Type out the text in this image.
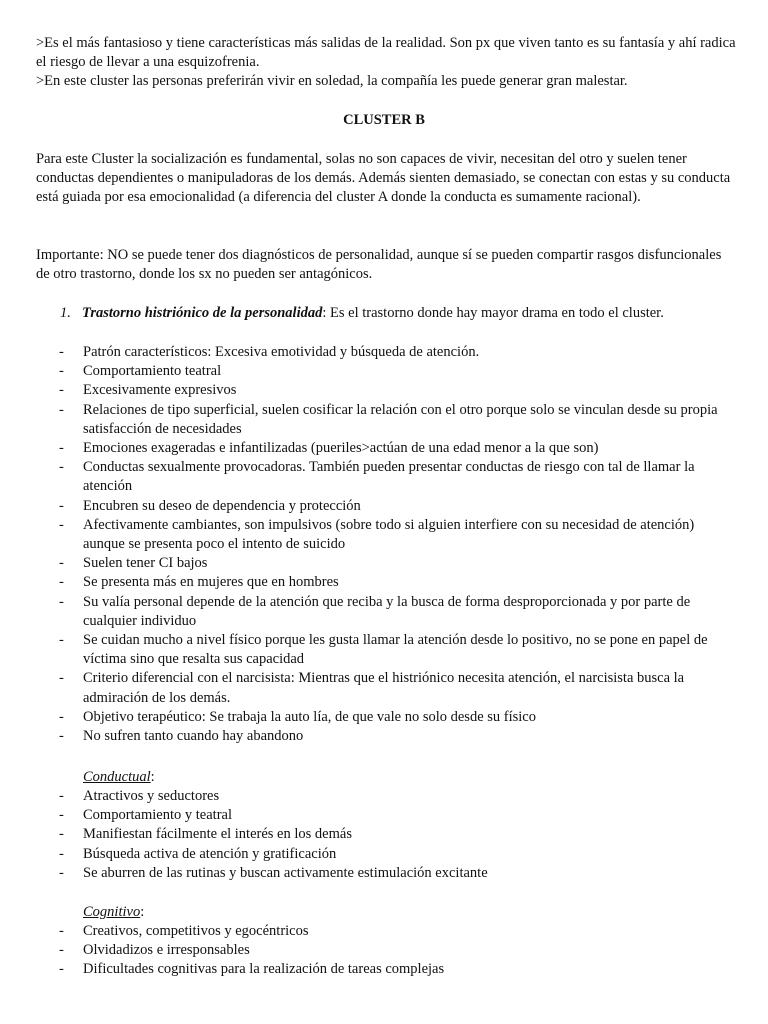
>Es el más fantasioso y tiene características más salidas de la realidad. Son px que viven tanto es su fantasía y ahí radica el riesgo de llevar a una esquizofrenia.

>En este cluster las personas preferirán vivir en soledad, la compañía les puede generar gran malestar.

CLUSTER B

Para este Cluster la socialización es fundamental, solas no son capaces de vivir, necesitan del otro y suelen tener conductas dependientes o manipuladoras de los demás. Además sienten demasiado, se conectan con estas y su conducta está guiada por esa emocionalidad (a diferencia del cluster A donde la conducta es sumamente racional).

Importante: NO se puede tener dos diagnósticos de personalidad, aunque sí se pueden compartir rasgos disfuncionales de otro trastorno, donde los sx no pueden ser antagónicos.

1. Trastorno histriónico de la personalidad: Es el trastorno donde hay mayor drama en todo el cluster.
- Patrón característicos: Excesiva emotividad y búsqueda de atención.
- Comportamiento teatral
- Excesivamente expresivos
- Relaciones de tipo superficial, suelen cosificar la relación con el otro porque solo se vinculan desde su propia satisfacción de necesidades
- Emociones exageradas e infantilizadas (pueriles>actúan de una edad menor a la que son)
- Conductas sexualmente provocadoras. También pueden presentar conductas de riesgo con tal de llamar la atención
- Encubren su deseo de dependencia y protección
- Afectivamente cambiantes, son impulsivos (sobre todo si alguien interfiere con su necesidad de atención) aunque se presenta poco el intento de suicido
- Suelen tener CI bajos
- Se presenta más en mujeres que en hombres
- Su valía personal depende de la atención que reciba y la busca de forma desproporcionada y por parte de cualquier individuo
- Se cuidan mucho a nivel físico porque les gusta llamar la atención desde lo positivo, no se pone en papel de víctima sino que resalta sus capacidad
- Criterio diferencial con el narcisista: Mientras que el histriónico necesita atención, el narcisista busca la admiración de los demás.
- Objetivo terapéutico: Se trabaja la auto lía, de que vale no solo desde su físico
- No sufren tanto cuando hay abandono
Conductual:
- Atractivos y seductores
- Comportamiento y teatral
- Manifiestan fácilmente el interés en los demás
- Búsqueda activa de atención y gratificación
- Se aburren de las rutinas y buscan activamente estimulación excitante
Cognitivo:
- Creativos, competitivos y egocéntricos
- Olvidadizos e irresponsables
- Dificultades cognitivas para la realización de tareas complejas
